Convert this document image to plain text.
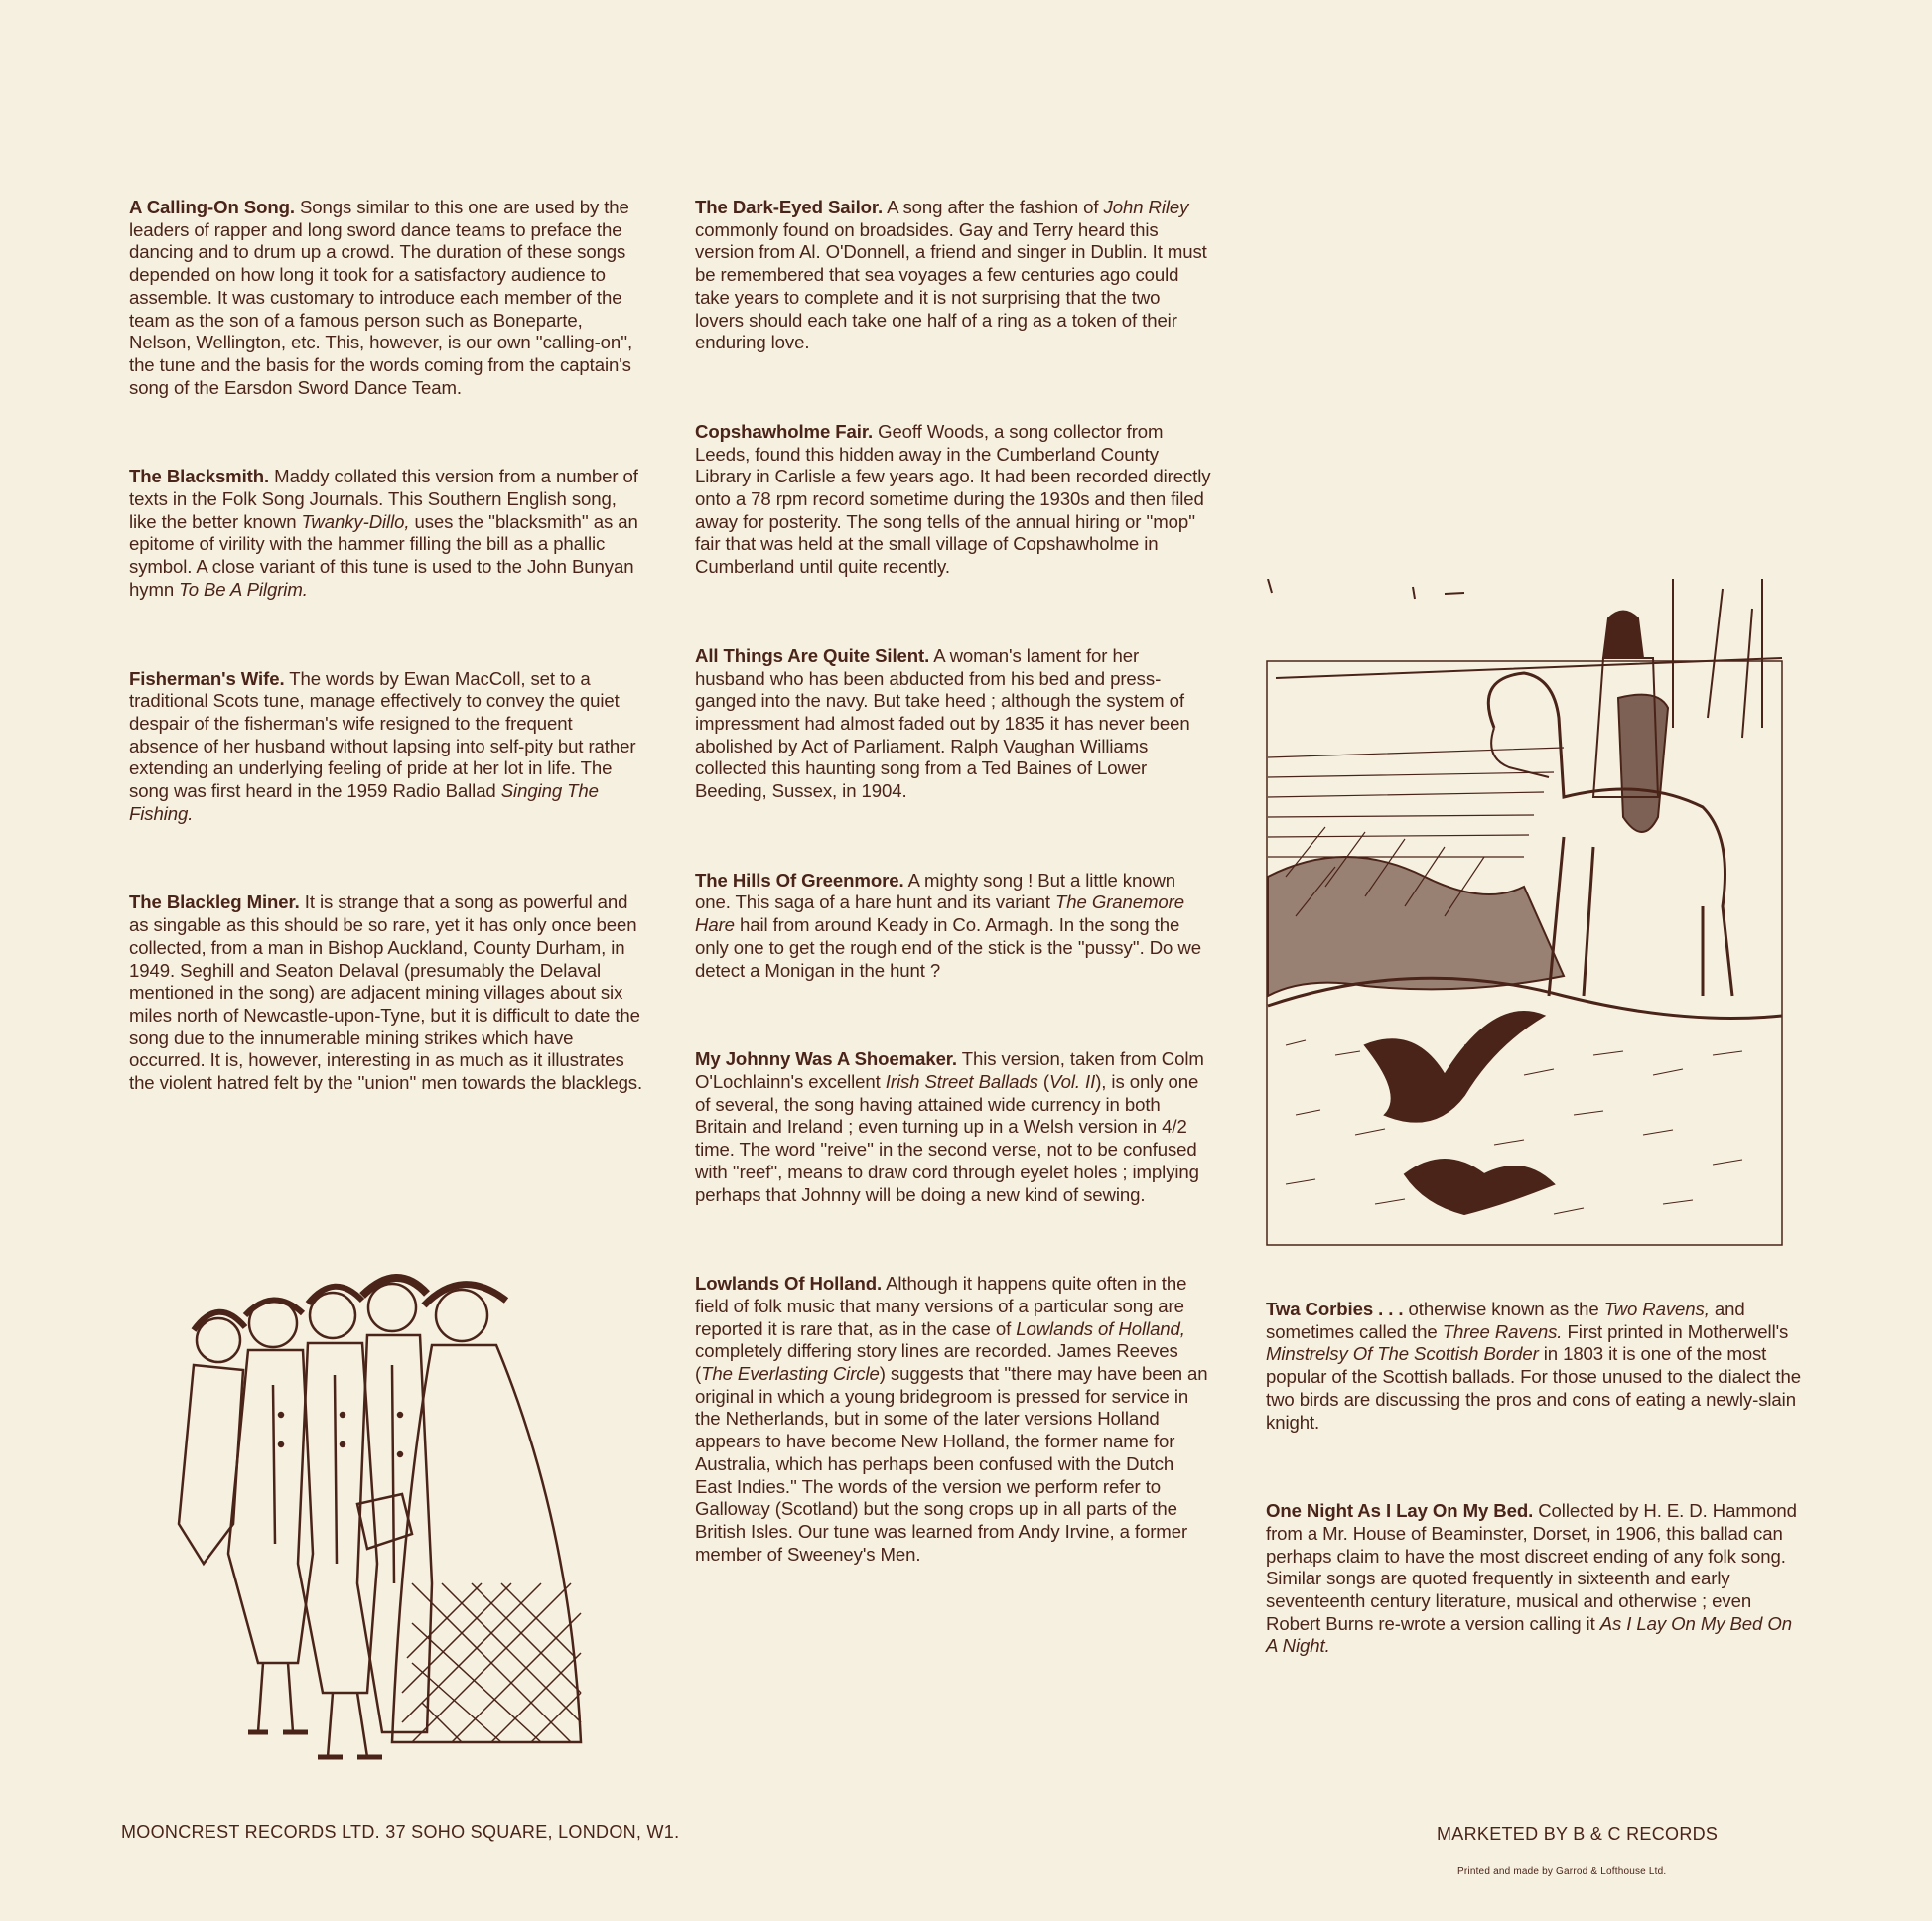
A Calling-On Song. Songs similar to this one are used by the leaders of rapper and long sword dance teams to preface the dancing and to drum up a crowd. The duration of these songs depended on how long it took for a satisfactory audience to assemble. It was customary to introduce each member of the team as the son of a famous person such as Boneparte, Nelson, Wellington, etc. This, however, is our own ''calling-on'', the tune and the basis for the words coming from the captain's song of the Earsdon Sword Dance Team.

The Blacksmith. Maddy collated this version from a number of texts in the Folk Song Journals. This Southern English song, like the better known Twanky-Dillo, uses the ''blacksmith'' as an epitome of virility with the hammer filling the bill as a phallic symbol. A close variant of this tune is used to the John Bunyan hymn To Be A Pilgrim.

Fisherman's Wife. The words by Ewan MacColl, set to a traditional Scots tune, manage effectively to convey the quiet despair of the fisherman's wife resigned to the frequent absence of her husband without lapsing into self-pity but rather extending an underlying feeling of pride at her lot in life. The song was first heard in the 1959 Radio Ballad Singing The Fishing.

The Blackleg Miner. It is strange that a song as powerful and as singable as this should be so rare, yet it has only once been collected, from a man in Bishop Auckland, County Durham, in 1949. Seghill and Seaton Delaval (presumably the Delaval mentioned in the song) are adjacent mining villages about six miles north of Newcastle-upon-Tyne, but it is difficult to date the song due to the innumerable mining strikes which have occurred. It is, however, interesting in as much as it illustrates the violent hatred felt by the ''union'' men towards the blacklegs.

The Dark-Eyed Sailor. A song after the fashion of John Riley commonly found on broadsides. Gay and Terry heard this version from Al. O'Donnell, a friend and singer in Dublin. It must be remembered that sea voyages a few centuries ago could take years to complete and it is not surprising that the two lovers should each take one half of a ring as a token of their enduring love.

Copshawholme Fair. Geoff Woods, a song collector from Leeds, found this hidden away in the Cumberland County Library in Carlisle a few years ago. It had been recorded directly onto a 78 rpm record sometime during the 1930s and then filed away for posterity. The song tells of the annual hiring or ''mop'' fair that was held at the small village of Copshawholme in Cumberland until quite recently.

All Things Are Quite Silent. A woman's lament for her husband who has been abducted from his bed and press-ganged into the navy. But take heed ; although the system of impressment had almost faded out by 1835 it has never been abolished by Act of Parliament. Ralph Vaughan Williams collected this haunting song from a Ted Baines of Lower Beeding, Sussex, in 1904.

The Hills Of Greenmore. A mighty song ! But a little known one. This saga of a hare hunt and its variant The Granemore Hare hail from around Keady in Co. Armagh. In the song the only one to get the rough end of the stick is the ''pussy''. Do we detect a Monigan in the hunt ?

My Johnny Was A Shoemaker. This version, taken from Colm O'Lochlainn's excellent Irish Street Ballads (Vol. II), is only one of several, the song having attained wide currency in both Britain and Ireland ; even turning up in a Welsh version in 4/2 time. The word ''reive'' in the second verse, not to be confused with ''reef'', means to draw cord through eyelet holes ; implying perhaps that Johnny will be doing a new kind of sewing.

Lowlands Of Holland. Although it happens quite often in the field of folk music that many versions of a particular song are reported it is rare that, as in the case of Lowlands of Holland, completely differing story lines are recorded. James Reeves (The Everlasting Circle) suggests that ''there may have been an original in which a young bridegroom is pressed for service in the Netherlands, but in some of the later versions Holland appears to have become New Holland, the former name for Australia, which has perhaps been confused with the Dutch East Indies.'' The words of the version we perform refer to Galloway (Scotland) but the song crops up in all parts of the British Isles. Our tune was learned from Andy Irvine, a former member of Sweeney's Men.

Twa Corbies . . . otherwise known as the Two Ravens, and sometimes called the Three Ravens. First printed in Motherwell's Minstrelsy Of The Scottish Border in 1803 it is one of the most popular of the Scottish ballads. For those unused to the dialect the two birds are discussing the pros and cons of eating a newly-slain knight.

One Night As I Lay On My Bed. Collected by H. E. D. Hammond from a Mr. House of Beaminster, Dorset, in 1906, this ballad can perhaps claim to have the most discreet ending of any folk song. Similar songs are quoted frequently in sixteenth and early seventeenth century literature, musical and otherwise ; even Robert Burns re-wrote a version calling it As I Lay On My Bed On A Night.

MOONCREST RECORDS LTD. 37 SOHO SQUARE, LONDON, W1.	MARKETED BY B & C RECORDS
Printed and made by Garrod & Lofthouse Ltd.
